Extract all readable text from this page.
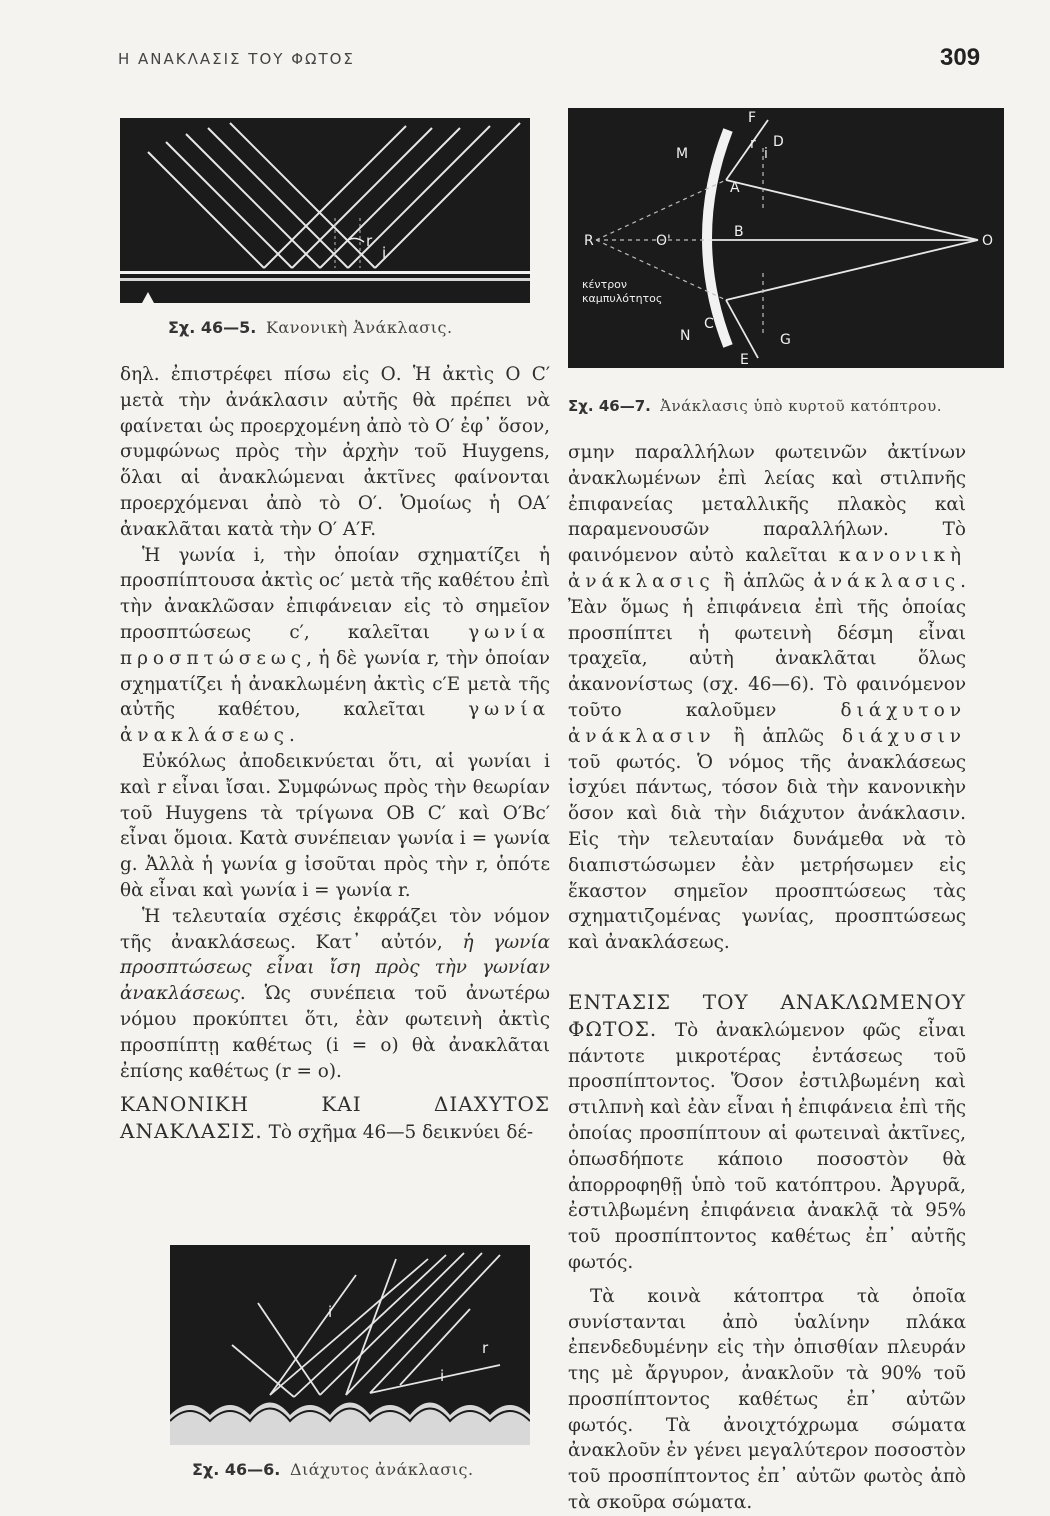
Η ΑΝΑΚΛΑΣΙΣ ΤΟΥ ΦΩΤΟΣ	309
r
i
Σχ. 46—5. Κανονικὴ Ἀνάκλασις.
F
r
i
D
M
A
R	O'
B
O
κέντρον
καμπυλότητος
N
C
G
E
Σχ. 46—7. Ἀνάκλασις ὑπὸ κυρτοῦ κατόπτρου.

δηλ. ἐπιστρέφει πίσω εἰς Ο. Ἡ ἀκτὶς Ο C′ μετὰ τὴν ἀνάκλασιν αὐτῆς θὰ πρέπει νὰ φαίνεται ὡς προερχομένη ἀπὸ τὸ Ο′ ἐφ᾽ ὅσον, συμφώνως πρὸς τὴν ἀρχὴν τοῦ Huygens, ὅλαι αἱ ἀνακλώμεναι ἀκτῖνες φαίνονται προερχόμεναι ἀπὸ τὸ Ο′. Ὁμοίως ἡ ΟΑ′ ἀνακλᾶται κατὰ τὴν Ο′ Α′F.

Ἡ γωνία i, τὴν ὁποίαν σχηματίζει ἡ προσπίπτουσα ἀκτὶς oc′ μετὰ τῆς καθέτου ἐπὶ τὴν ἀνακλῶσαν ἐπιφάνειαν εἰς τὸ σημεῖον προσπτώσεως c′, καλεῖται γωνία προσπτώσεως, ἡ δὲ γωνία r, τὴν ὁποίαν σχηματίζει ἡ ἀνακλωμένη ἀκτὶς c′E μετὰ τῆς αὐτῆς καθέτου, καλεῖται γωνία ἀνακλάσεως.

Εὐκόλως ἀποδεικνύεται ὅτι, αἱ γωνίαι i καὶ r εἶναι ἴσαι. Συμφώνως πρὸς τὴν θεωρίαν τοῦ Huygens τὰ τρίγωνα ΟΒ C′ καὶ Ο′Βc′ εἶναι ὅμοια. Κατὰ συνέπειαν γωνία i = γωνία g. Ἀλλὰ ἡ γωνία g ἰσοῦται πρὸς τὴν r, ὁπότε θὰ εἶναι καὶ γωνία i = γωνία r.

Ἡ τελευταία σχέσις ἐκφράζει τὸν νόμον τῆς ἀνακλάσεως. Κατ᾽ αὐτόν, ἡ γωνία προσπτώσεως εἶναι ἴση πρὸς τὴν γωνίαν ἀνακλάσεως. Ὡς συνέπεια τοῦ ἀνωτέρω νόμου προκύπτει ὅτι, ἐὰν φωτεινὴ ἀκτὶς προσπίπτῃ καθέτως (i = o) θὰ ἀνακλᾶται ἐπίσης καθέτως (r = o).

ΚΑΝΟΝΙΚΗ ΚΑΙ ΔΙΑΧΥΤΟΣ ΑΝΑΚΛΑΣΙΣ. Τὸ σχῆμα 46—5 δεικνύει δέ-

i
r
i
Σχ. 46—6. Διάχυτος ἀνάκλασις.

σμην παραλλήλων φωτεινῶν ἀκτίνων ἀνακλωμένων ἐπὶ λείας καὶ στιλπνῆς ἐπιφανείας μεταλλικῆς πλακὸς καὶ παραμενουσῶν παραλλήλων. Τὸ φαινόμενον αὐτὸ καλεῖται κανονικὴ ἀνάκλασις ἢ ἁπλῶς ἀνάκλασις. Ἐὰν ὅμως ἡ ἐπιφάνεια ἐπὶ τῆς ὁποίας προσπίπτει ἡ φωτεινὴ δέσμη εἶναι τραχεῖα, αὐτὴ ἀνακλᾶται ὅλως ἀκανονίστως (σχ. 46—6). Τὸ φαινόμενον τοῦτο καλοῦμεν	διάχυτον ἀνάκλασιν ἢ ἁπλῶς διάχυσιν τοῦ φωτός. Ὁ νόμος τῆς ἀνακλάσεως ἰσχύει πάντως, τόσον διὰ τὴν κανονικὴν ὅσον καὶ διὰ τὴν διάχυτον ἀνάκλασιν. Εἰς τὴν τελευταίαν δυνάμεθα νὰ τὸ διαπιστώσωμεν ἐὰν μετρήσωμεν εἰς ἕκαστον σημεῖον προσπτώσεως τὰς σχηματιζομένας γωνίας, προσπτώσεως καὶ ἀνακλάσεως.

ΕΝΤΑΣΙΣ ΤΟΥ ΑΝΑΚΛΩΜΕΝΟΥ ΦΩΤΟΣ. Τὸ ἀνακλώμενον φῶς εἶναι πάντοτε μικροτέρας ἐντάσεως τοῦ προσπίπτοντος. Ὅσον ἐστιλβωμένη καὶ στιλπνὴ καὶ ἐὰν εἶναι ἡ ἐπιφάνεια ἐπὶ τῆς ὁποίας προσπίπτουν αἱ φωτειναὶ ἀκτῖνες, ὁπωσδήποτε κάποιο ποσοστὸν θὰ ἀπορροφηθῇ ὑπὸ τοῦ κατόπτρου. Ἀργυρᾶ, ἐστιλβωμένη ἐπιφάνεια ἀνακλᾷ τὰ 95% τοῦ προσπίπτοντος καθέτως ἐπ᾽ αὐτῆς φωτός.

Τὰ κοινὰ κάτοπτρα τὰ ὁποῖα συνίστανται ἀπὸ ὑαλίνην πλάκα ἐπενδεδυμένην εἰς τὴν ὀπισθίαν πλευράν της μὲ ἄργυρον, ἀνακλοῦν τὰ 90% τοῦ προσπίπτοντος καθέτως ἐπ᾽ αὐτῶν φωτός. Τὰ ἀνοιχτόχρωμα σώματα ἀνακλοῦν ἐν γένει μεγαλύτερον ποσοστὸν τοῦ προσπίπτοντος ἐπ᾽ αὐτῶν φωτὸς ἀπὸ τὰ σκοῦρα σώματα.
